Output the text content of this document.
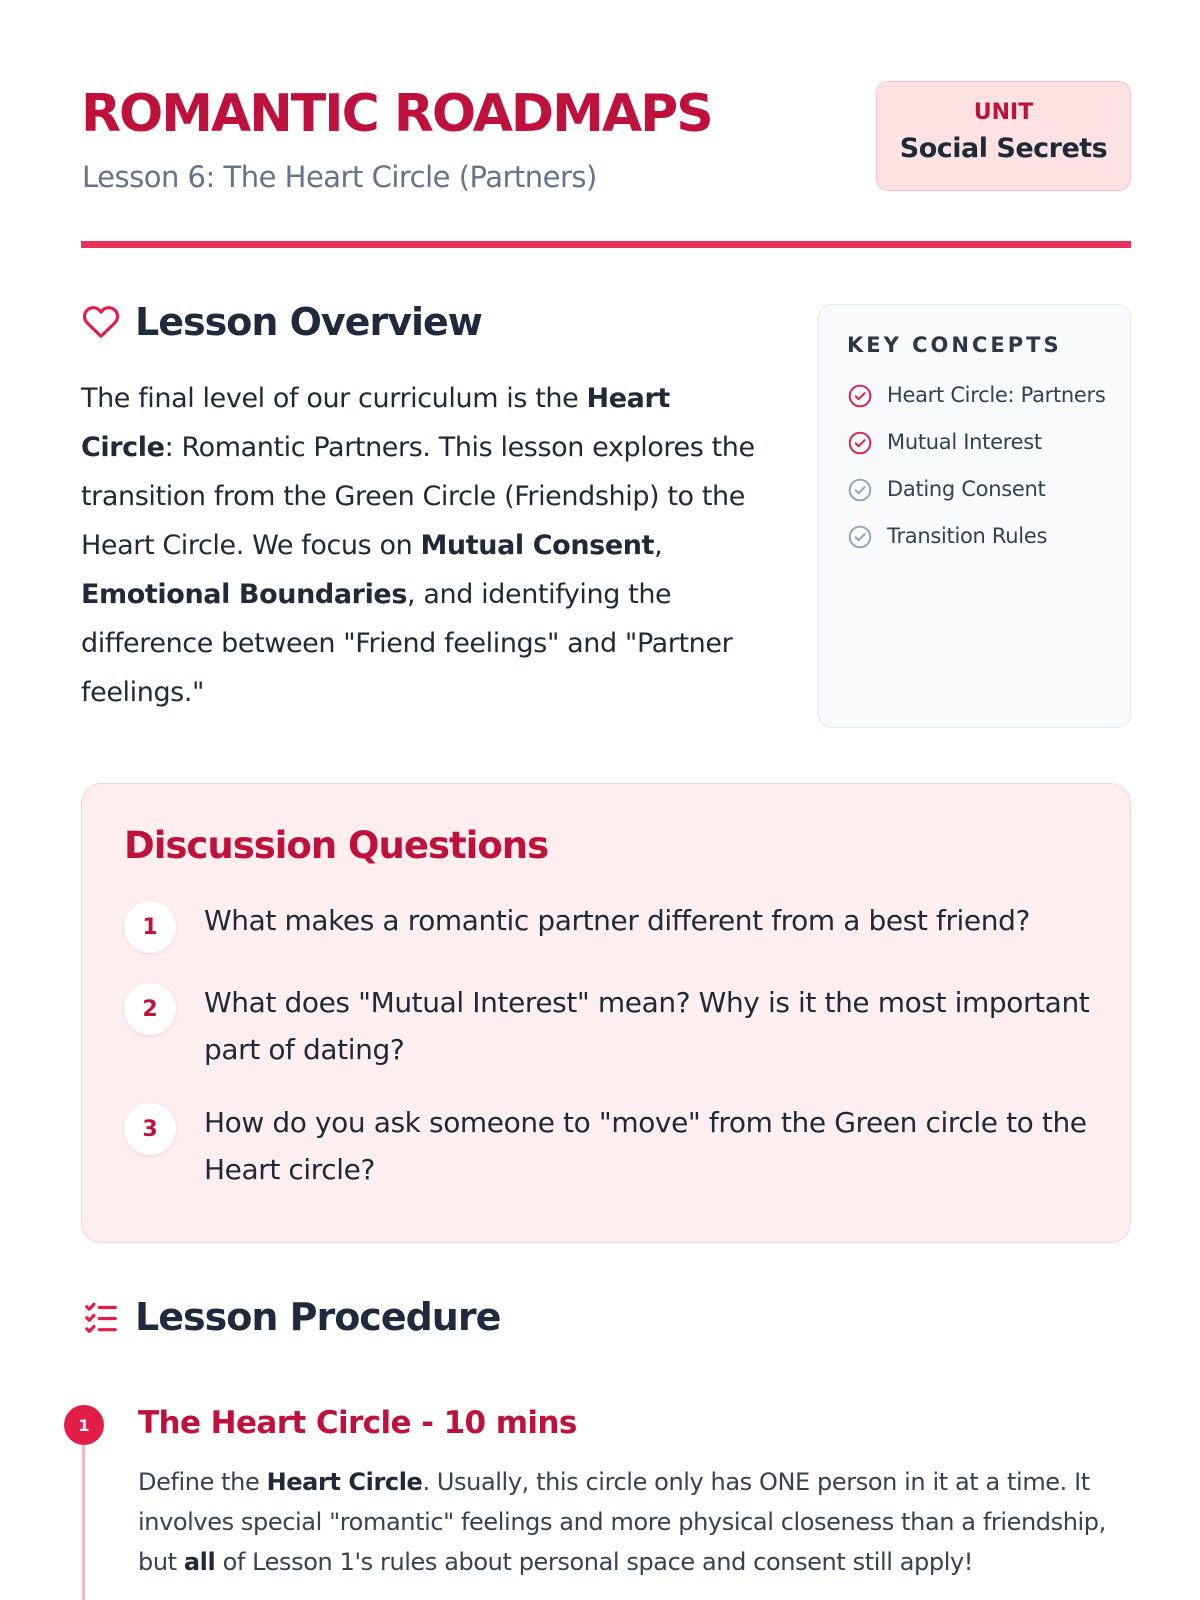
ROMANTIC ROADMAPS
Lesson 6: The Heart Circle (Partners)
UNIT
Social Secrets
Lesson Overview

The final level of our curriculum is the Heart Circle: Romantic Partners. This lesson explores the transition from the Green Circle (Friendship) to the Heart Circle. We focus on Mutual Consent, Emotional Boundaries, and identifying the difference between "Friend feelings" and "Partner feelings."

KEY CONCEPTS
Heart Circle: Partners
Mutual Interest
Dating Consent
Transition Rules
Discussion Questions
1	What makes a romantic partner different from a best friend?
2	What does "Mutual Interest" mean? Why is it the most important part of dating?
3	How do you ask someone to "move" from the Green circle to the Heart circle?
Lesson Procedure
1	The Heart Circle - 10 mins

Define the Heart Circle. Usually, this circle only has ONE person in it at a time. It involves special "romantic" feelings and more physical closeness than a friendship, but all of Lesson 1's rules about personal space and consent still apply!
